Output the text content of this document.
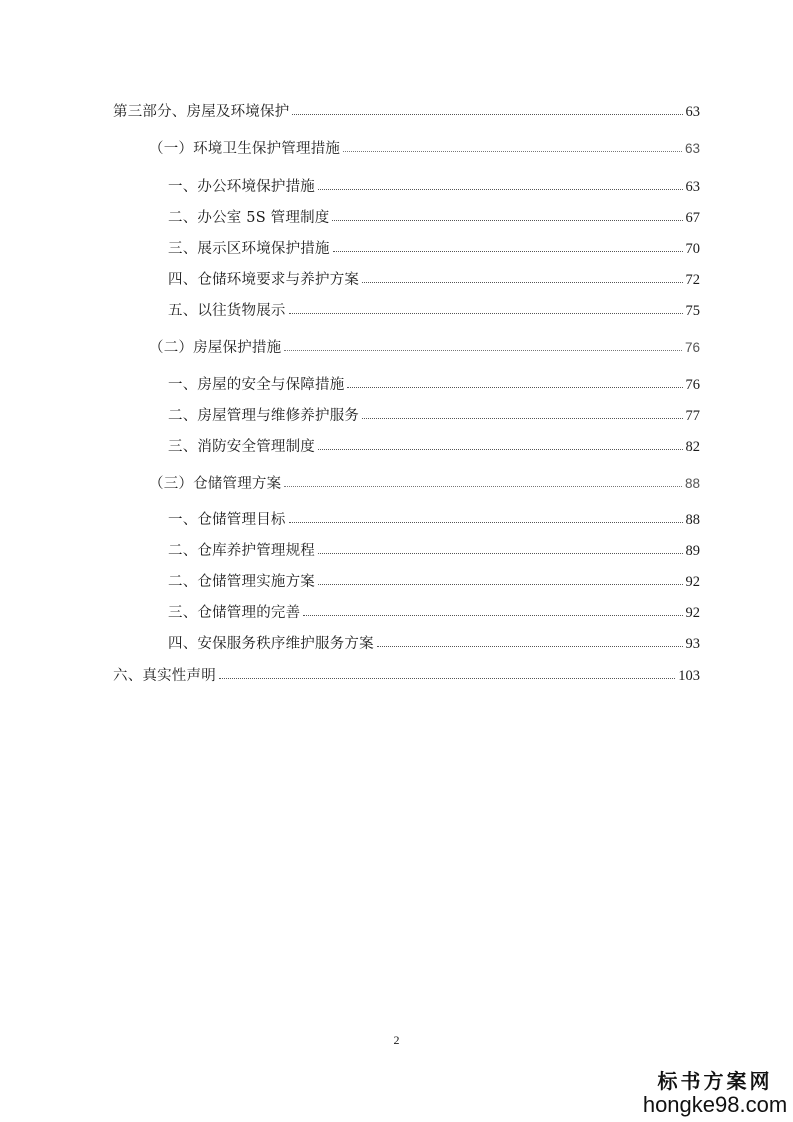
第三部分、房屋及环境保护	63
（一）环境卫生保护管理措施	63
一、办公环境保护措施	63
二、办公室 5S 管理制度	67
三、展示区环境保护措施	70
四、仓储环境要求与养护方案	72
五、以往货物展示	75
（二）房屋保护措施	76
一、房屋的安全与保障措施	76
二、房屋管理与维修养护服务	77
三、消防安全管理制度	82
（三）仓储管理方案	88
一、仓储管理目标	88
二、仓库养护管理规程	89
二、仓储管理实施方案	92
三、仓储管理的完善	92
四、安保服务秩序维护服务方案	93
六、真实性声明	103
2
标书方案网
hongke98.com
